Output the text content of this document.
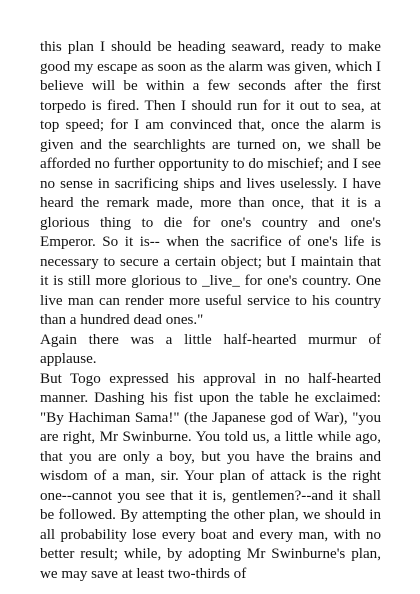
this plan I should be heading seaward, ready to make good my escape as soon as the alarm was given, which I believe will be within a few seconds after the first torpedo is fired. Then I should run for it out to sea, at top speed; for I am convinced that, once the alarm is given and the searchlights are turned on, we shall be afforded no further opportunity to do mischief; and I see no sense in sacrificing ships and lives uselessly. I have heard the remark made, more than once, that it is a glorious thing to die for one's country and one's Emperor. So it is-- when the sacrifice of one's life is necessary to secure a certain object; but I maintain that it is still more glorious to _live_ for one's country. One live man can render more useful service to his country than a hundred dead ones."

Again there was a little half-hearted murmur of applause.

But Togo expressed his approval in no half-hearted manner. Dashing his fist upon the table he exclaimed: "By Hachiman Sama!" (the Japanese god of War), "you are right, Mr Swinburne. You told us, a little while ago, that you are only a boy, but you have the brains and wisdom of a man, sir. Your plan of attack is the right one--cannot you see that it is, gentlemen?--and it shall be followed. By attempting the other plan, we should in all probability lose every boat and every man, with no better result; while, by adopting Mr Swinburne's plan, we may save at least two-thirds of
